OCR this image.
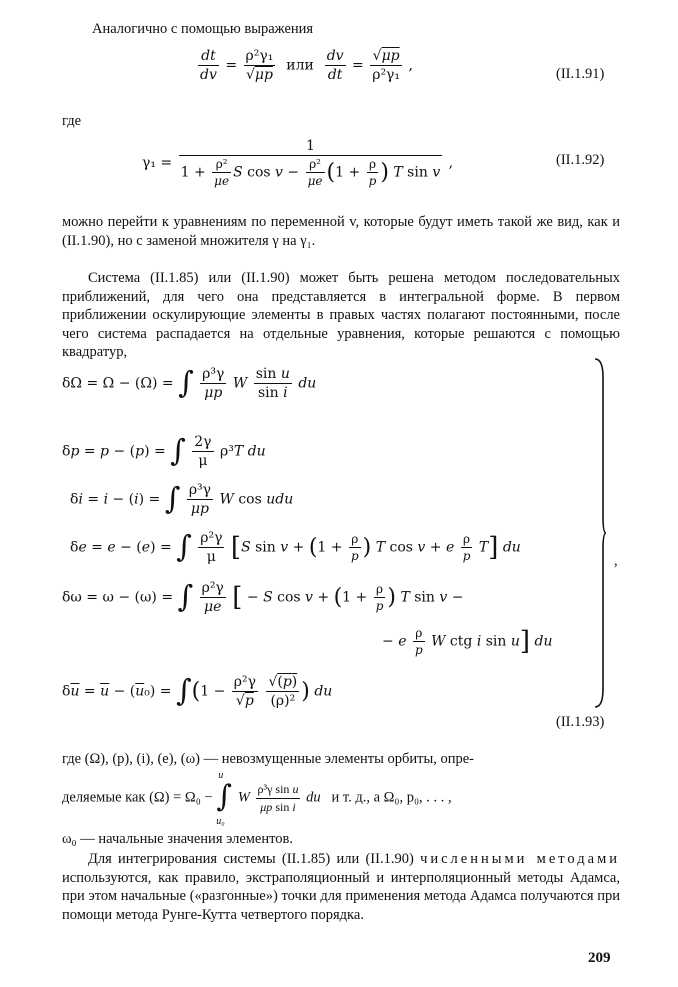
Аналогично с помощью выражения
$\frac{dt}{dv} = \frac{\text{ρ²γ₁}}{√\mu p}$ или $\frac{dv}{dt} = \frac{√\mu p}{\text{ρ²γ₁}}$ ,
(II.1.91)
где
$\gamma_1 = \frac{1}{1 + \frac{\text{ρ²}}{\mu e} S \cos v - \frac{\text{ρ²}}{\mu e} (1 + \frac{\rho}{p} ) T \sin v}$ ,	(II.1.92)
можно перейти к уравнениям по переменной v, которые будут иметь такой же вид, как и (II.1.90), но с заменой множителя γ на γ₁.
Система (II.1.85) или (II.1.90) может быть решена методом последовательных приближений, для чего она представляется в интегральной форме. В первом приближении оскулирующие элементы в правых частях полагают постоянными, после чего система распадается на отдельные уравнения, которые решаются с помощью квадратур,
δΩ = Ω − (Ω) = ∫ $\frac{\text{ρ³γ}}{\mu p}$ W $\frac{\text{sin u}}{\text{sin i}}$ du
δp = p − (p) = ∫ $\frac{2\gamma}{\mu} \rho^3T$ du
δi = i − (i) = ∫ $\frac{\text{ρ³γ}}{\mu p}$ W cos udu
δe = e − (e) = ∫ $\frac{\text{ρ²γ}}{\mu} [S$ $\sin v + (1 + \frac{\rho}{p}$ ) T cos v + e $\frac{\rho}{p} T$] du
δω = ω − (ω) = ∫ $\frac{\text{ρ²γ}}{\mu e}$ [ − S $\cos v + (1 + \frac{\rho}{p}$ ) T sin v −
− e $\frac{\rho}{p}$ W ctg i sin u] du
$\delta\overline{u} = \overline{u} - (\overline{u}_0) = \int(1 - \frac{\text{ρ²γ}}{√p}$
$\frac{√(p)}{\text{(ρ)²}}$ ) du
,
(II.1.93)
где (Ω), (p), (i), (e), (ω) — невозмущенные элементы орбиты, опре-
деляемые как (Ω) = Ω₀ −
u
∫
u₀
W $\frac{\text{ρ³γ sin u}}{\text{μp sin i}}$ du и т. д., а Ω₀, p₀, . . . ,
ω₀ — начальные значения элементов.
Для интегрирования системы (II.1.85) или (II.1.90) численными методами используются, как правило, экстраполяционный и интерполяционный методы Адамса, при этом начальные («разгонные») точки для применения метода Адамса получаются при помощи метода Рунге-Кутта четвертого порядка.
209
